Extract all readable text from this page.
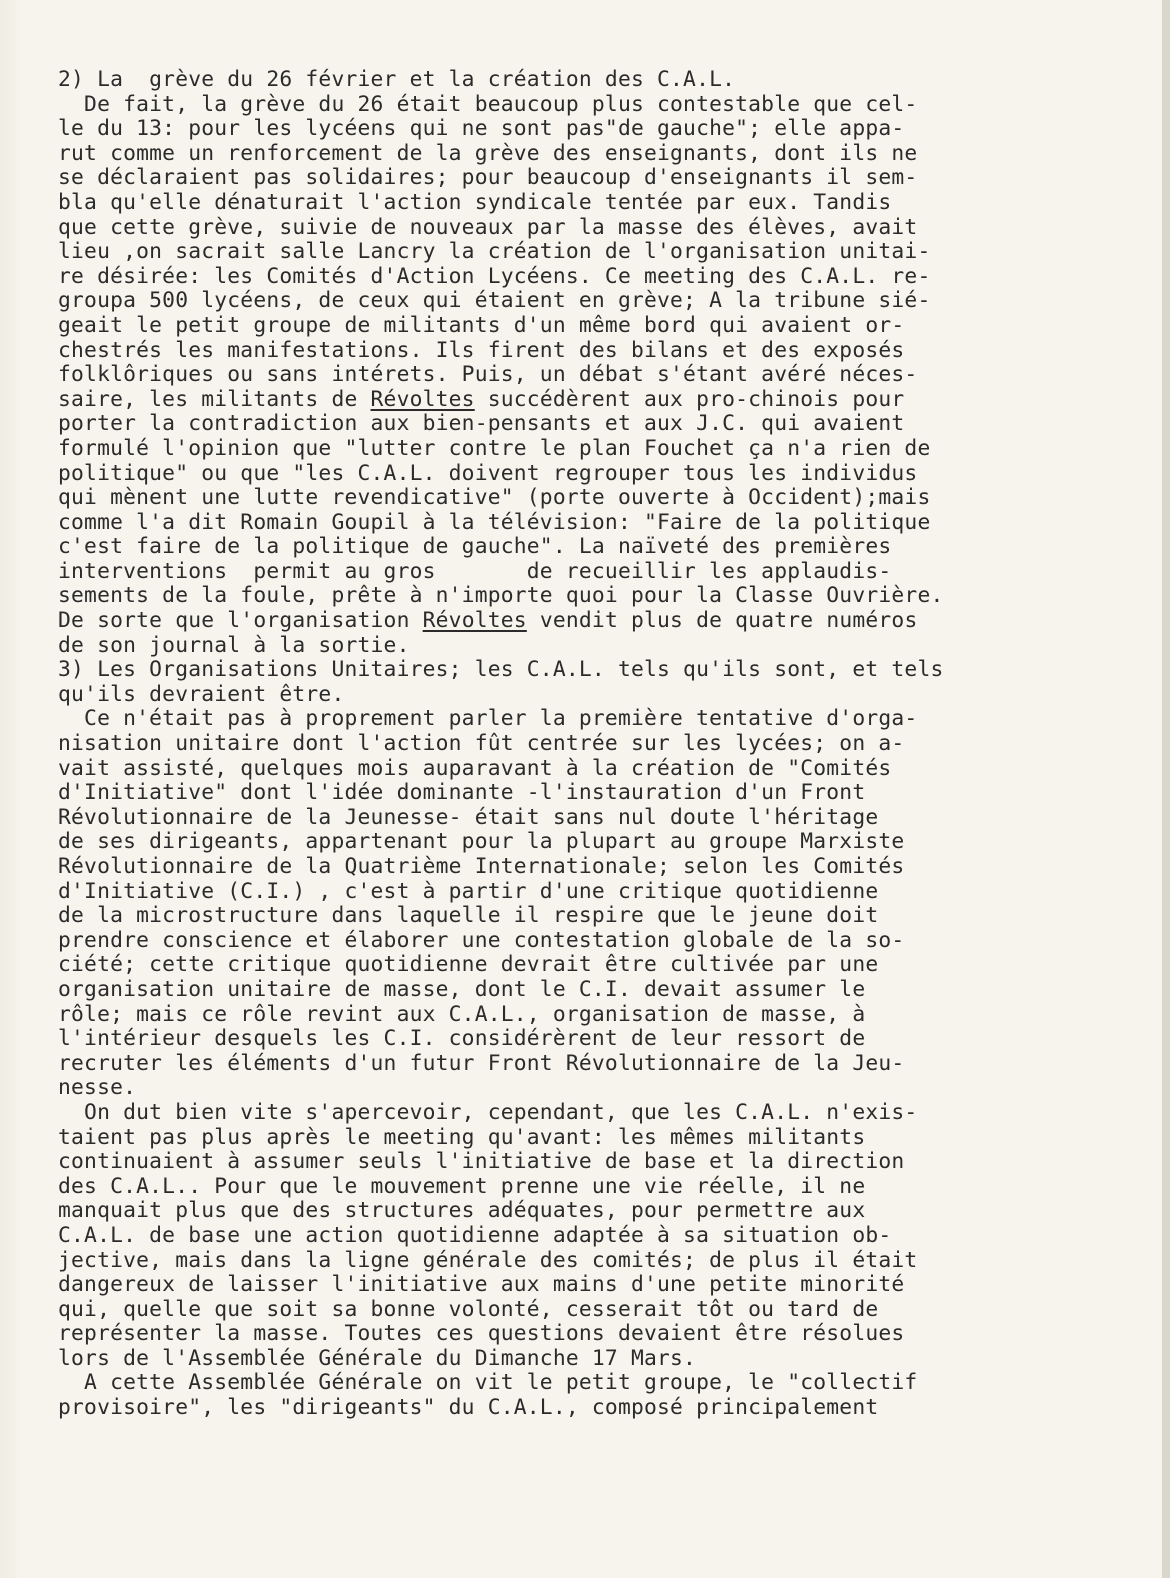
2) La  grève du 26 février et la création des C.A.L.
De fait, la grève du 26 était beaucoup plus contestable que cel-
le du 13: pour les lycéens qui ne sont pas"de gauche"; elle appa-
rut comme un renforcement de la grève des enseignants, dont ils ne
se déclaraient pas solidaires; pour beaucoup d'enseignants il sem-
bla qu'elle dénaturait l'action syndicale tentée par eux. Tandis
que cette grève, suivie de nouveaux par la masse des élèves, avait
lieu ,on sacrait salle Lancry la création de l'organisation unitai-
re désirée: les Comités d'Action Lycéens. Ce meeting des C.A.L. re-
groupa 500 lycéens, de ceux qui étaient en grève; A la tribune sié-
geait le petit groupe de militants d'un même bord qui avaient or-
chestrés les manifestations. Ils firent des bilans et des exposés
folklôriques ou sans intérets. Puis, un débat s'étant avéré néces-
saire, les militants de Révoltes succédèrent aux pro-chinois pour
porter la contradiction aux bien-pensants et aux J.C. qui avaient
formulé l'opinion que "lutter contre le plan Fouchet ça n'a rien de
politique" ou que "les C.A.L. doivent regrouper tous les individus
qui mènent une lutte revendicative" (porte ouverte à Occident);mais
comme l'a dit Romain Goupil à la télévision: "Faire de la politique
c'est faire de la politique de gauche". La naïveté des premières
interventions  permit au gros       de recueillir les applaudis-
sements de la foule, prête à n'importe quoi pour la Classe Ouvrière.
De sorte que l'organisation Révoltes vendit plus de quatre numéros
de son journal à la sortie.
3) Les Organisations Unitaires; les C.A.L. tels qu'ils sont, et tels
qu'ils devraient être.
Ce n'était pas à proprement parler la première tentative d'orga-
nisation unitaire dont l'action fût centrée sur les lycées; on a-
vait assisté, quelques mois auparavant à la création de "Comités
d'Initiative" dont l'idée dominante -l'instauration d'un Front
Révolutionnaire de la Jeunesse- était sans nul doute l'héritage
de ses dirigeants, appartenant pour la plupart au groupe Marxiste
Révolutionnaire de la Quatrième Internationale; selon les Comités
d'Initiative (C.I.) , c'est à partir d'une critique quotidienne
de la microstructure dans laquelle il respire que le jeune doit
prendre conscience et élaborer une contestation globale de la so-
ciété; cette critique quotidienne devrait être cultivée par une
organisation unitaire de masse, dont le C.I. devait assumer le
rôle; mais ce rôle revint aux C.A.L., organisation de masse, à
l'intérieur desquels les C.I. considérèrent de leur ressort de
recruter les éléments d'un futur Front Révolutionnaire de la Jeu-
nesse.
On dut bien vite s'apercevoir, cependant, que les C.A.L. n'exis-
taient pas plus après le meeting qu'avant: les mêmes militants
continuaient à assumer seuls l'initiative de base et la direction
des C.A.L.. Pour que le mouvement prenne une vie réelle, il ne
manquait plus que des structures adéquates, pour permettre aux
C.A.L. de base une action quotidienne adaptée à sa situation ob-
jective, mais dans la ligne générale des comités; de plus il était
dangereux de laisser l'initiative aux mains d'une petite minorité
qui, quelle que soit sa bonne volonté, cesserait tôt ou tard de
représenter la masse. Toutes ces questions devaient être résolues
lors de l'Assemblée Générale du Dimanche 17 Mars.
A cette Assemblée Générale on vit le petit groupe, le "collectif
provisoire", les "dirigeants" du C.A.L., composé principalement
